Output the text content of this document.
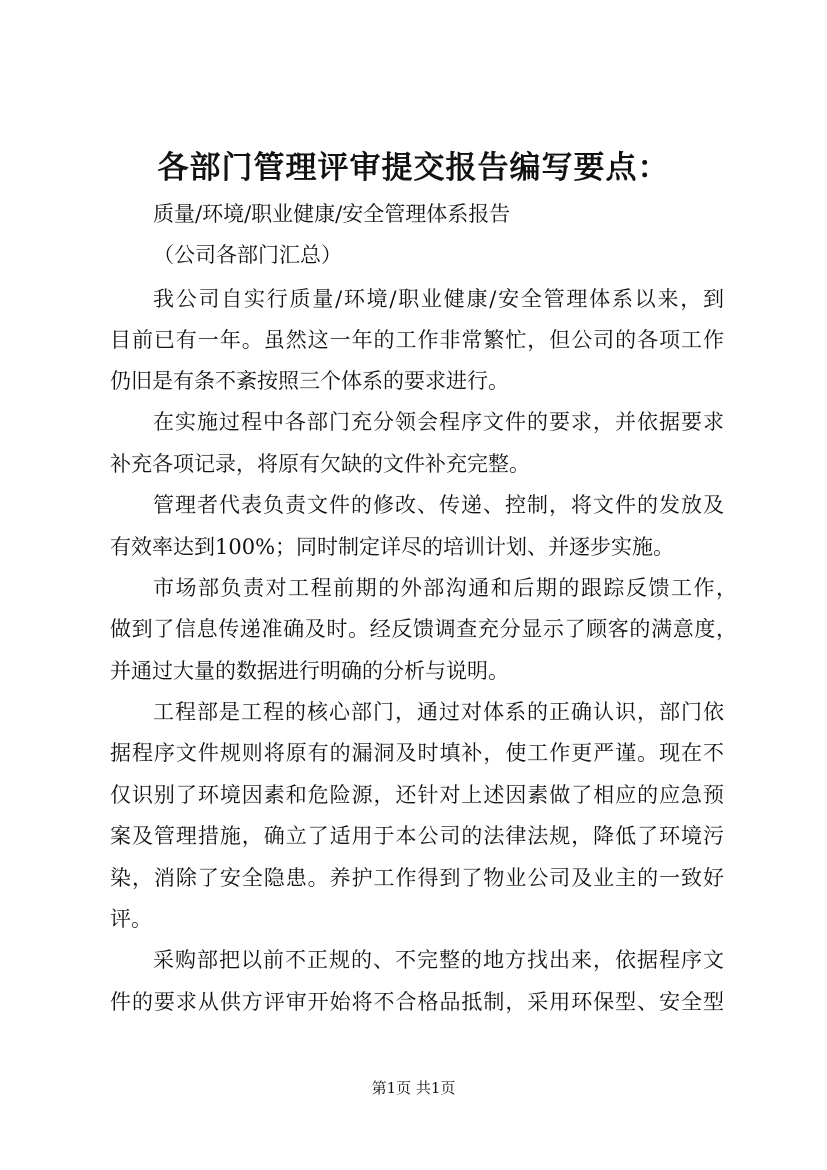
各部门管理评审提交报告编写要点：
质量/环境/职业健康/安全管理体系报告
（公司各部门汇总）
我公司自实行质量/环境/职业健康/安全管理体系以来，到
目前已有一年。虽然这一年的工作非常繁忙，但公司的各项工作
仍旧是有条不紊按照三个体系的要求进行。
在实施过程中各部门充分领会程序文件的要求，并依据要求
补充各项记录，将原有欠缺的文件补充完整。
管理者代表负责文件的修改、传递、控制，将文件的发放及
有效率达到100%；同时制定详尽的培训计划、并逐步实施。
市场部负责对工程前期的外部沟通和后期的跟踪反馈工作，
做到了信息传递准确及时。经反馈调查充分显示了顾客的满意度，
并通过大量的数据进行明确的分析与说明。
工程部是工程的核心部门，通过对体系的正确认识，部门依
据程序文件规则将原有的漏洞及时填补，使工作更严谨。现在不
仅识别了环境因素和危险源，还针对上述因素做了相应的应急预
案及管理措施，确立了适用于本公司的法律法规，降低了环境污
染，消除了安全隐患。养护工作得到了物业公司及业主的一致好
评。
采购部把以前不正规的、不完整的地方找出来，依据程序文
件的要求从供方评审开始将不合格品抵制，采用环保型、安全型
第1页 共1页
